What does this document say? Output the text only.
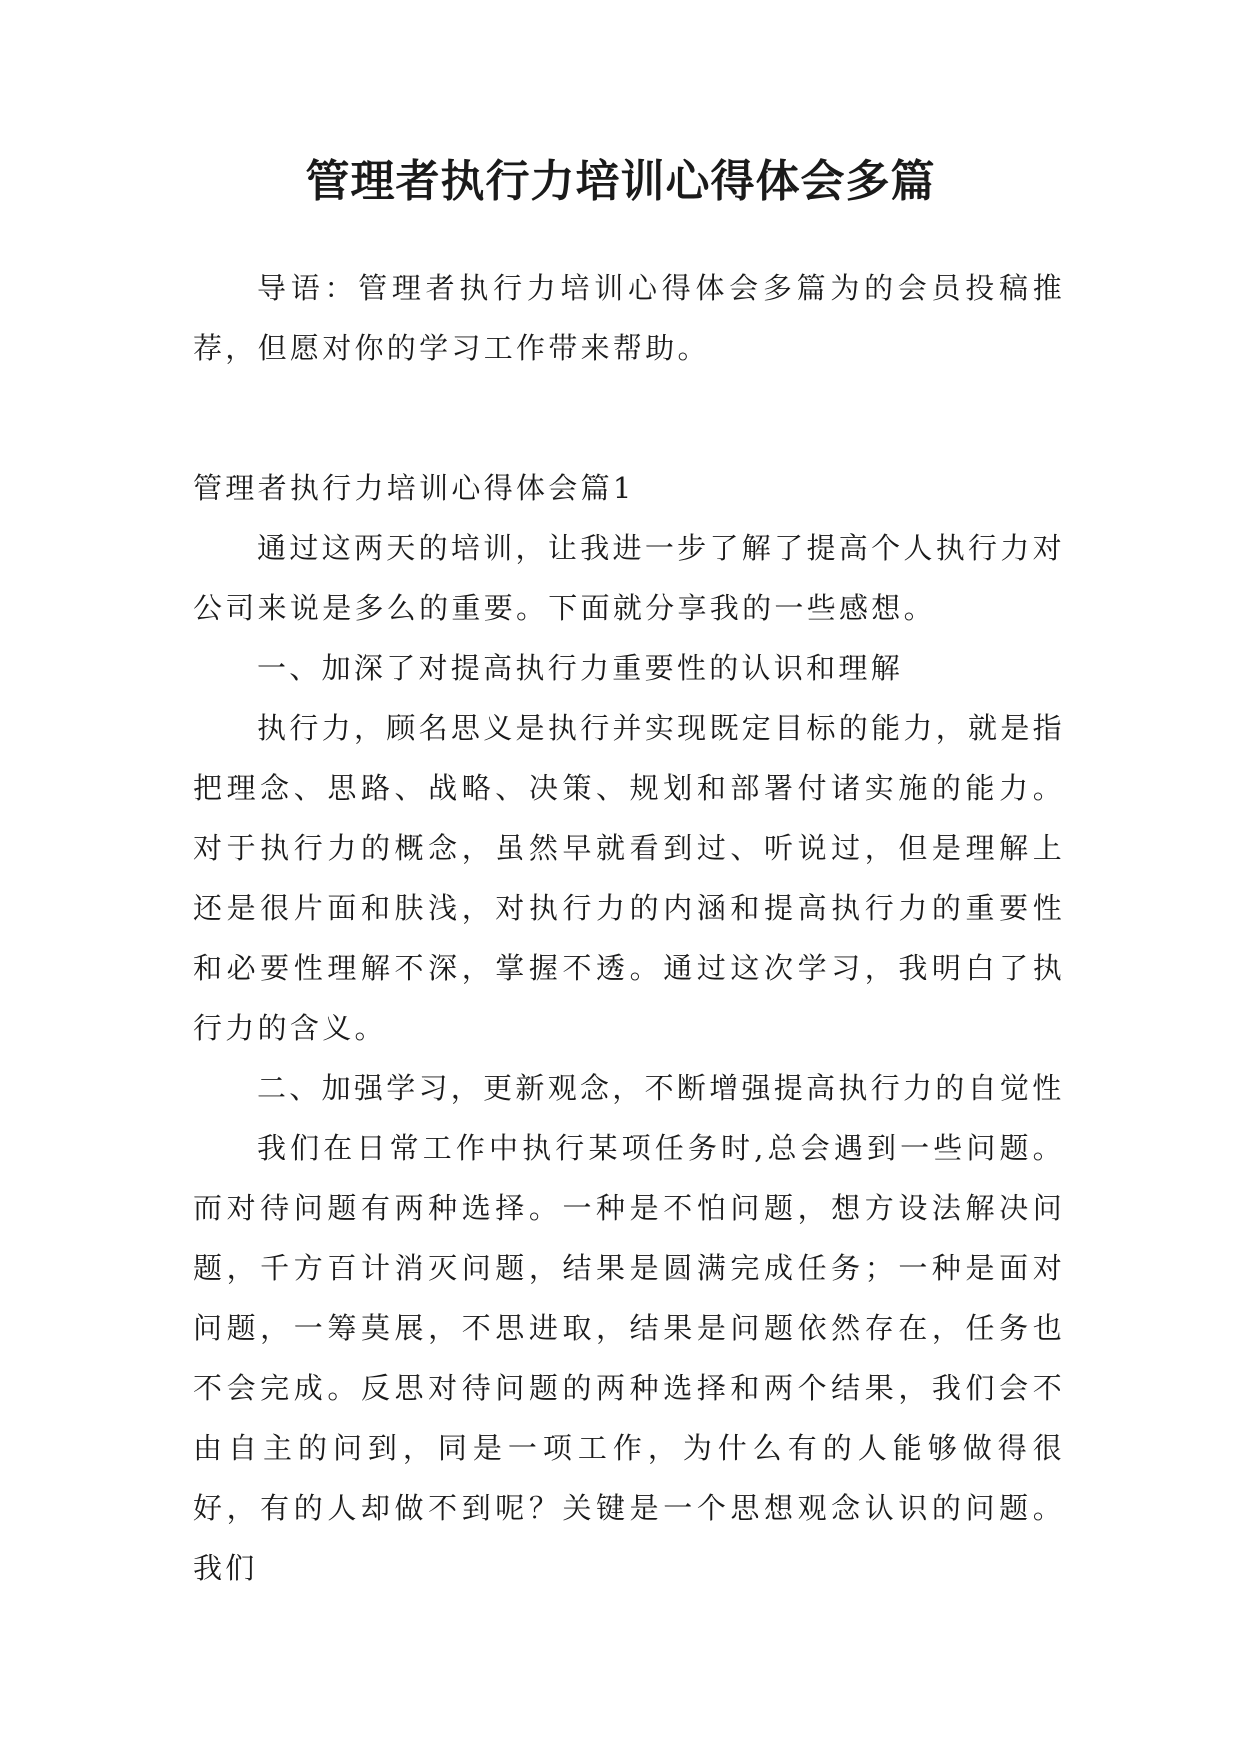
管理者执行力培训心得体会多篇

导语：管理者执行力培训心得体会多篇为的会员投稿推荐，但愿对你的学习工作带来帮助。

管理者执行力培训心得体会篇1

通过这两天的培训，让我进一步了解了提高个人执行力对公司来说是多么的重要。下面就分享我的一些感想。

一、加深了对提高执行力重要性的认识和理解

执行力，顾名思义是执行并实现既定目标的能力，就是指把理念、思路、战略、决策、规划和部署付诸实施的能力。对于执行力的概念，虽然早就看到过、听说过，但是理解上还是很片面和肤浅，对执行力的内涵和提高执行力的重要性和必要性理解不深，掌握不透。通过这次学习，我明白了执行力的含义。

二、加强学习，更新观念，不断增强提高执行力的自觉性

我们在日常工作中执行某项任务时,总会遇到一些问题。而对待问题有两种选择。一种是不怕问题，想方设法解决问题，千方百计消灭问题，结果是圆满完成任务；一种是面对问题，一筹莫展，不思进取，结果是问题依然存在，任务也不会完成。反思对待问题的两种选择和两个结果，我们会不由自主的问到，同是一项工作，为什么有的人能够做得很好，有的人却做不到呢？关键是一个思想观念认识的问题。我们
